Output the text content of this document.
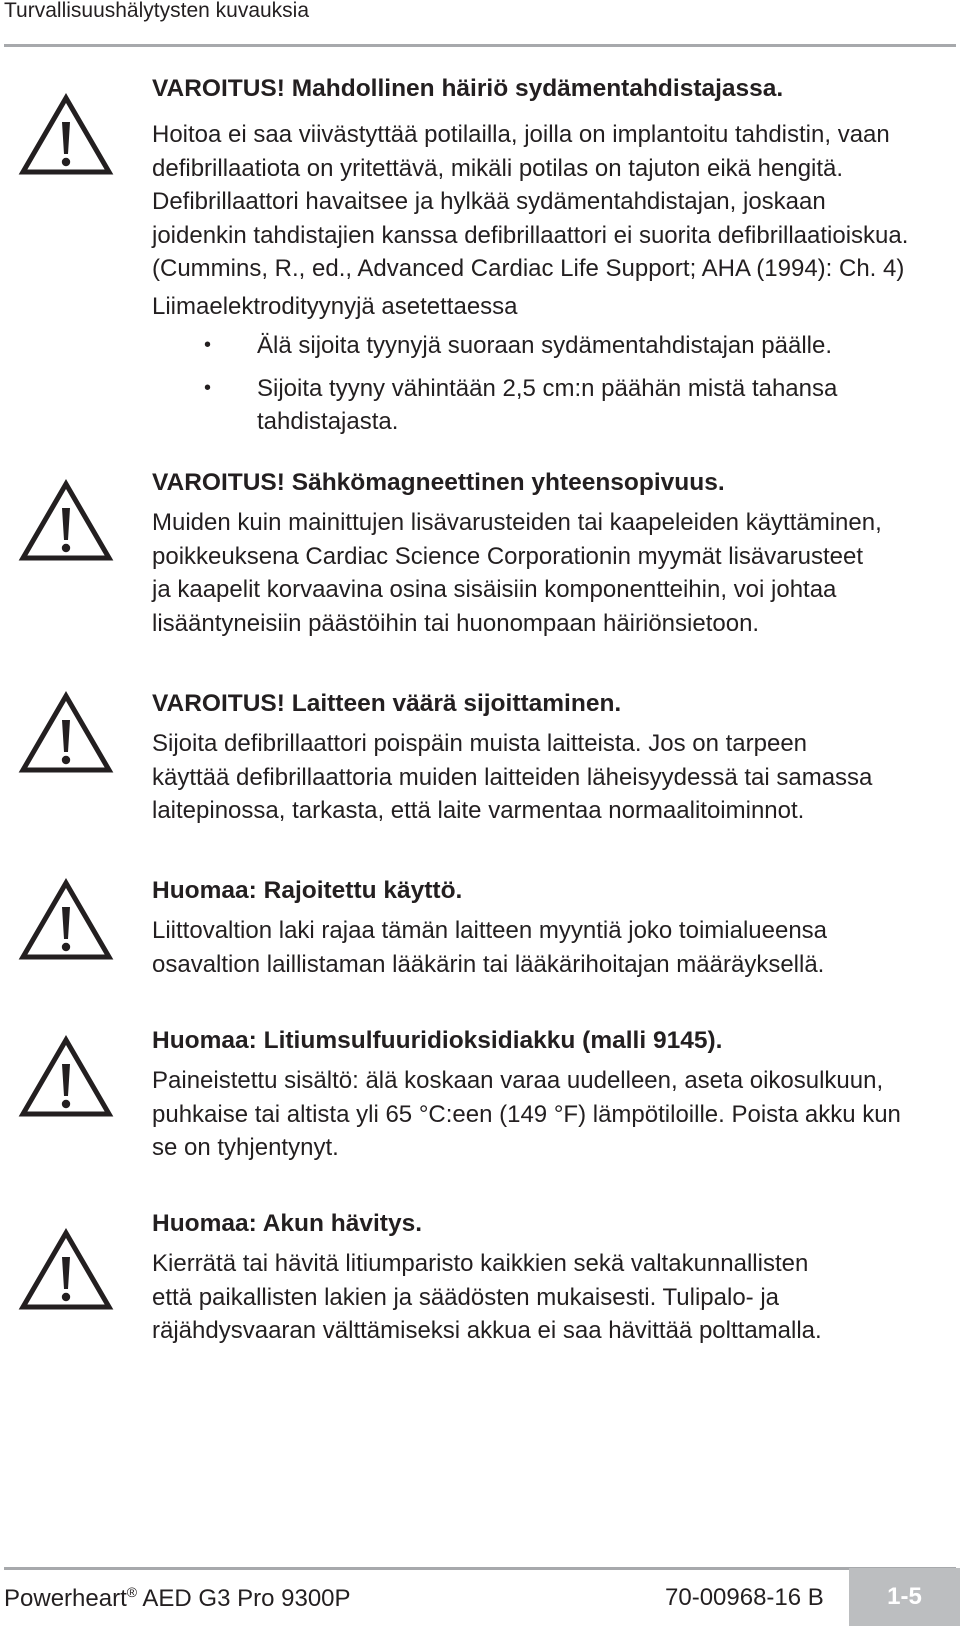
Turvallisuushälytysten kuvauksia

VAROITUS! Mahdollinen häiriö sydämentahdistajassa.

Hoitoa ei saa viivästyttää potilailla, joilla on implantoitu tahdistin, vaan
defibrillaatiota on yritettävä, mikäli potilas on tajuton eikä hengitä.
Defibrillaattori havaitsee ja hylkää sydämentahdistajan, joskaan
joidenkin tahdistajien kanssa defibrillaattori ei suorita defibrillaatioiskua.
(Cummins, R., ed., Advanced Cardiac Life Support; AHA (1994): Ch. 4)
Liimaelektrodityynyjä asetettaessa
• Älä sijoita tyynyjä suoraan sydämentahdistajan päälle.
• Sijoita tyyny vähintään 2,5 cm:n päähän mistä tahansa
tahdistajasta.

VAROITUS! Sähkömagneettinen yhteensopivuus.

Muiden kuin mainittujen lisävarusteiden tai kaapeleiden käyttäminen,
poikkeuksena Cardiac Science Corporationin myymät lisävarusteet
ja kaapelit korvaavina osina sisäisiin komponentteihin, voi johtaa
lisääntyneisiin päästöihin tai huonompaan häiriönsietoon.

VAROITUS! Laitteen väärä sijoittaminen.

Sijoita defibrillaattori poispäin muista laitteista. Jos on tarpeen
käyttää defibrillaattoria muiden laitteiden läheisyydessä tai samassa
laitepinossa, tarkasta, että laite varmentaa normaalitoiminnot.

Huomaa: Rajoitettu käyttö.

Liittovaltion laki rajaa tämän laitteen myyntiä joko toimialueensa
osavaltion laillistaman lääkärin tai lääkärihoitajan määräyksellä.

Huomaa: Litiumsulfuuridioksidiakku (malli 9145).

Paineistettu sisältö: älä koskaan varaa uudelleen, aseta oikosulkuun,
puhkaise tai altista yli 65 °C:een (149 °F) lämpötiloille. Poista akku kun
se on tyhjentynyt.

Huomaa: Akun hävitys.

Kierrätä tai hävitä litiumparisto kaikkien sekä valtakunnallisten
että paikallisten lakien ja säädösten mukaisesti. Tulipalo- ja
räjähdysvaaran välttämiseksi akkua ei saa hävittää polttamalla.
Powerheart® AED G3 Pro 9300P	70-00968-16 B	1-5
